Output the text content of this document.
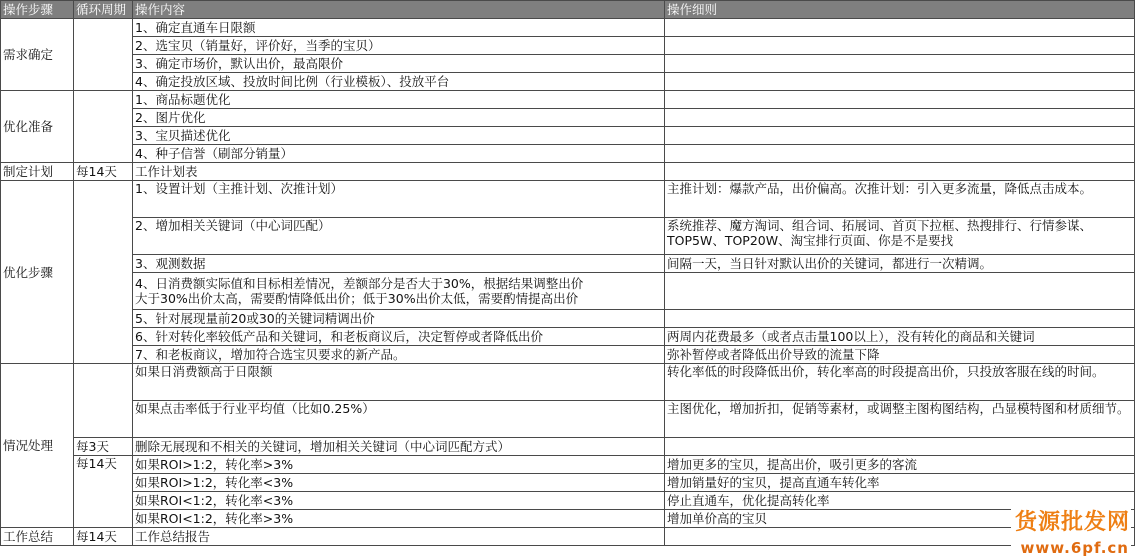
操作步骤	循环周期	操作内容	操作细则
需求确定		1、确定直通车日限额	
		2、选宝贝（销量好，评价好，当季的宝贝）	
		3、确定市场价，默认出价，最高限价	
		4、确定投放区域、投放时间比例（行业模板）、投放平台	
优化准备		1、商品标题优化	
		2、图片优化	
		3、宝贝描述优化	
		4、种子信誉（刷部分销量）	
制定计划	每14天	工作计划表	
优化步骤		1、设置计划（主推计划、次推计划）	主推计划：爆款产品，出价偏高。次推计划：引入更多流量，降低点击成本。
		2、增加相关关键词（中心词匹配）	系统推荐、魔方淘词、组合词、拓展词、首页下拉框、热搜排行、行情参谋、TOP5W、TOP20W、淘宝排行页面、你是不是要找
		3、观测数据	间隔一天，当日针对默认出价的关键词，都进行一次精调。

		4、日消费额实际值和目标相差情况，差额部分是否大于30%，根据结果调整出价
大于30%出价太高，需要酌情降低出价；低于30%出价太低，需要酌情提高出价	

		5、针对展现量前20或30的关键词精调出价	
		6、针对转化率较低产品和关键词，和老板商议后，决定暂停或者降低出价	两周内花费最多（或者点击量100以上），没有转化的商品和关键词
		7、和老板商议，增加符合选宝贝要求的新产品。	弥补暂停或者降低出价导致的流量下降
情况处理		如果日消费额高于日限额	转化率低的时段降低出价，转化率高的时段提高出价，只投放客服在线的时间。
		如果点击率低于行业平均值（比如0.25%）	主图优化，增加折扣，促销等素材，或调整主图构图结构，凸显模特图和材质细节。
	每3天	删除无展现和不相关的关键词，增加相关关键词（中心词匹配方式）	
	每14天	如果ROI>1:2，转化率>3%	增加更多的宝贝，提高出价，吸引更多的客流
		如果ROI>1:2，转化率<3%	增加销量好的宝贝，提高直通车转化率
		如果ROI<1:2，转化率<3%	停止直通车，优化提高转化率
		如果ROI<1:2，转化率>3%	增加单价高的宝贝
工作总结	每14天	工作总结报告	
货源批发网
www.6pf.cn
